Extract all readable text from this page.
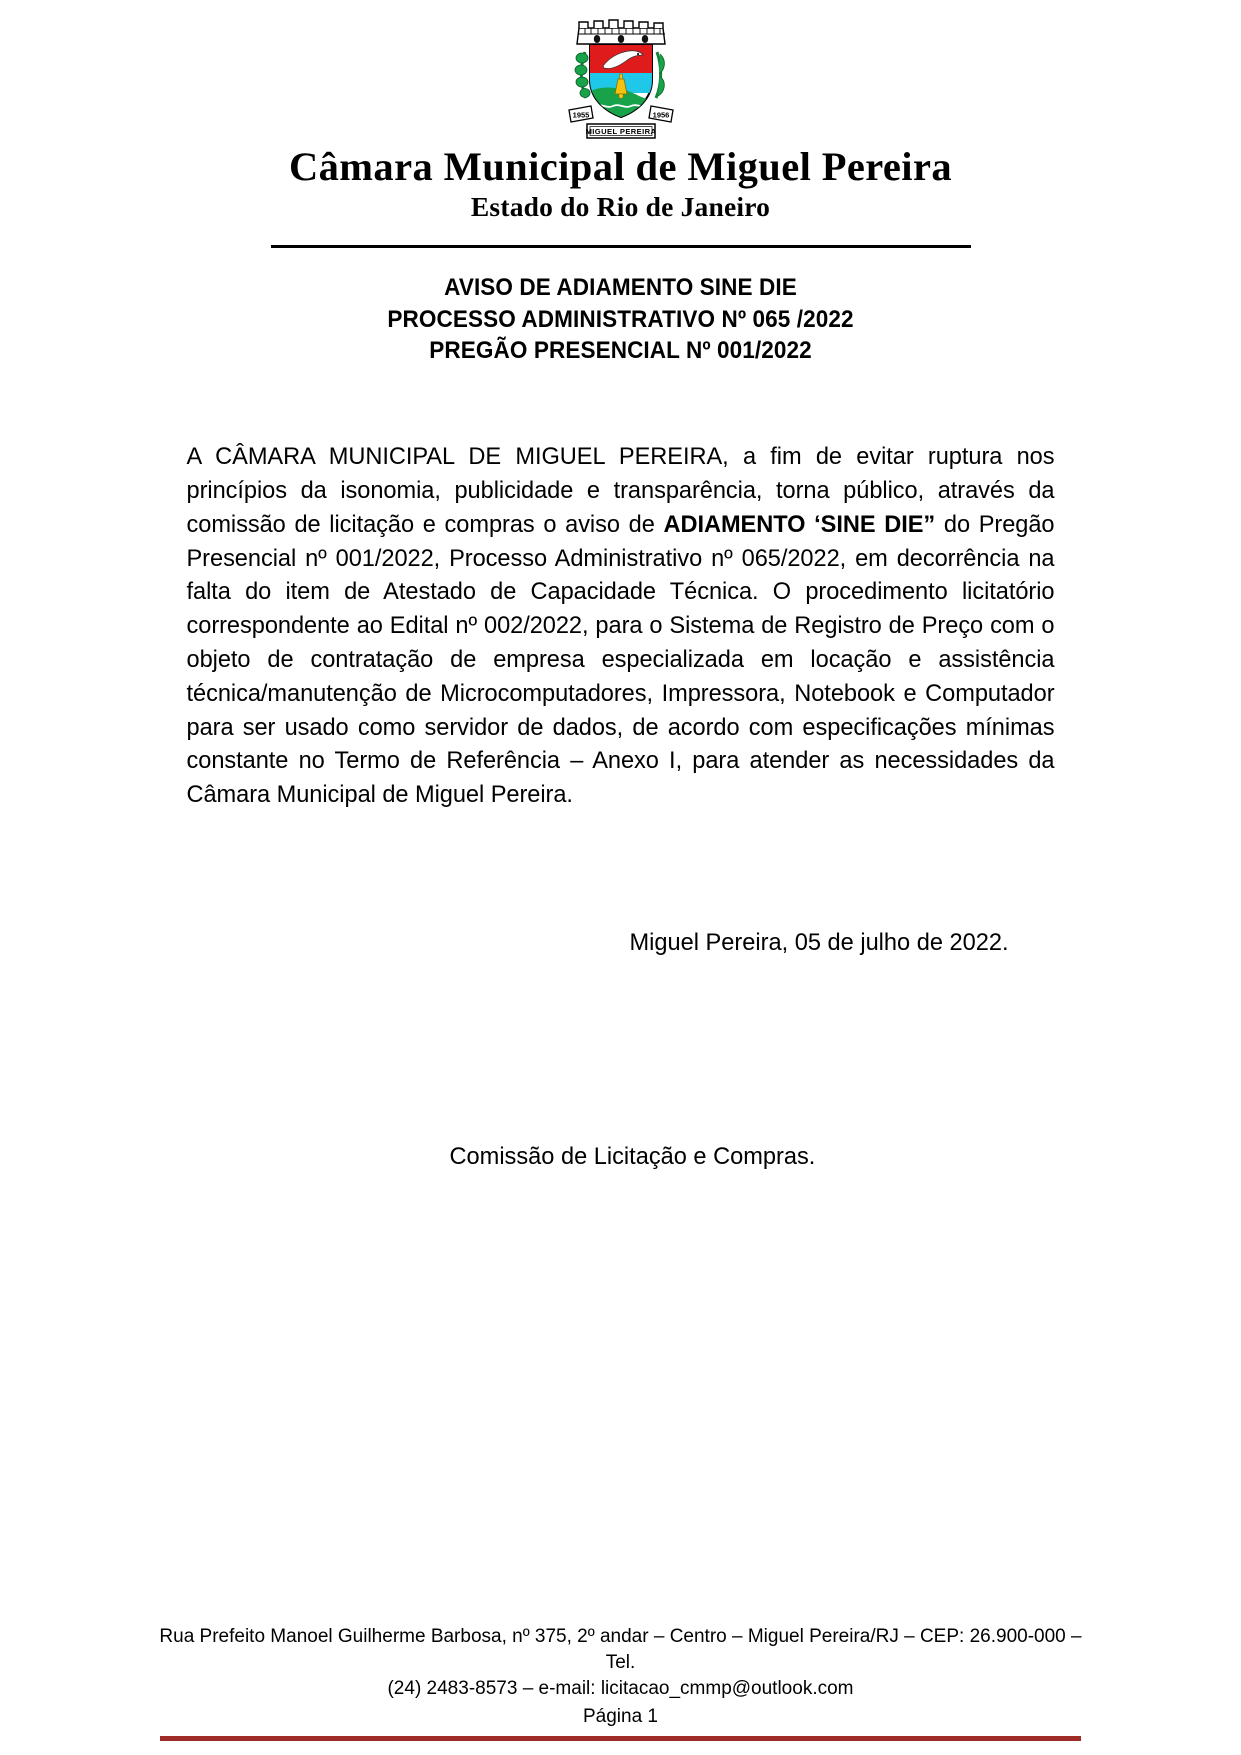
1955	1956
MIGUEL PEREIRA
Câmara Municipal de Miguel Pereira
Estado do Rio de Janeiro
AVISO DE ADIAMENTO SINE DIE
PROCESSO ADMINISTRATIVO Nº 065 /2022
PREGÃO PRESENCIAL Nº 001/2022

A CÂMARA MUNICIPAL DE MIGUEL PEREIRA, a fim de evitar ruptura nos princípios da isonomia, publicidade e transparência, torna público, através da comissão de licitação e compras o aviso de ADIAMENTO ‘SINE DIE” do Pregão Presencial nº 001/2022, Processo Administrativo nº 065/2022, em decorrência na falta do item de Atestado de Capacidade Técnica. O procedimento licitatório correspondente ao Edital nº 002/2022, para o Sistema de Registro de Preço com o objeto de contratação de empresa especializada em locação e assistência técnica/manutenção de Microcomputadores, Impressora, Notebook e Computador para ser usado como servidor de dados, de acordo com especificações mínimas constante no Termo de Referência – Anexo I, para atender as necessidades da Câmara Municipal de Miguel Pereira.

Miguel Pereira, 05 de julho de 2022.

Comissão de Licitação e Compras.

Rua Prefeito Manoel Guilherme Barbosa, nº 375, 2º andar – Centro – Miguel Pereira/RJ – CEP: 26.900-000 –Tel.
(24) 2483-8573 – e-mail: licitacao_cmmp@outlook.com
Página 1
